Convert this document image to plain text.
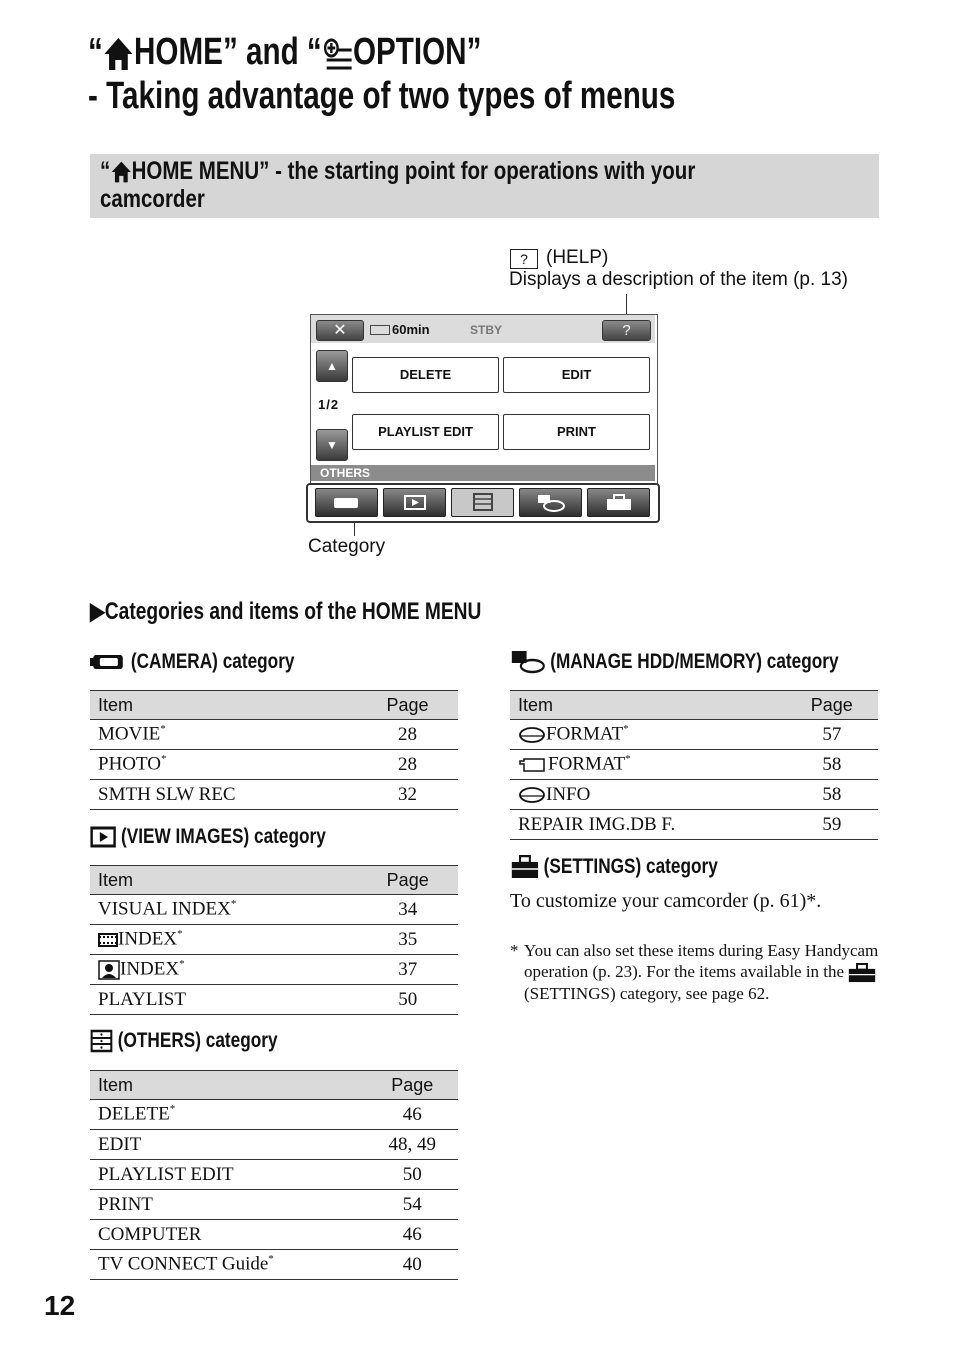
“ HOME” and “ OPTION”
- Taking advantage of two types of menus
“ HOME MENU” - the starting point for operations with your
camcorder
? (HELP)
Displays a description of the item (p. 13)
✕	60min	STBY	?
▲
1/2
▼
DELETE	EDIT
PLAYLIST EDIT	PRINT
OTHERS
Category
▶Categories and items of the HOME MENU
(CAMERA) category
Item	Page
MOVIE*	28
PHOTO*	28
SMTH SLW REC	32
(VIEW IMAGES) category
Item	Page
VISUAL INDEX*	34
INDEX*	35
INDEX*	37
PLAYLIST	50
(OTHERS) category
Item	Page
DELETE*	46
EDIT	48, 49
PLAYLIST EDIT	50
PRINT	54
COMPUTER	46
TV CONNECT Guide*	40
(MANAGE HDD/MEMORY) category
Item	Page
FORMAT*	57
FORMAT*	58
INFO	58
REPAIR IMG.DB F.	59
(SETTINGS) category
To customize your camcorder (p. 61)*.
* You can also set these items during Easy Handycam operation (p. 23). For the items available in the  (SETTINGS) category, see page 62.
12
